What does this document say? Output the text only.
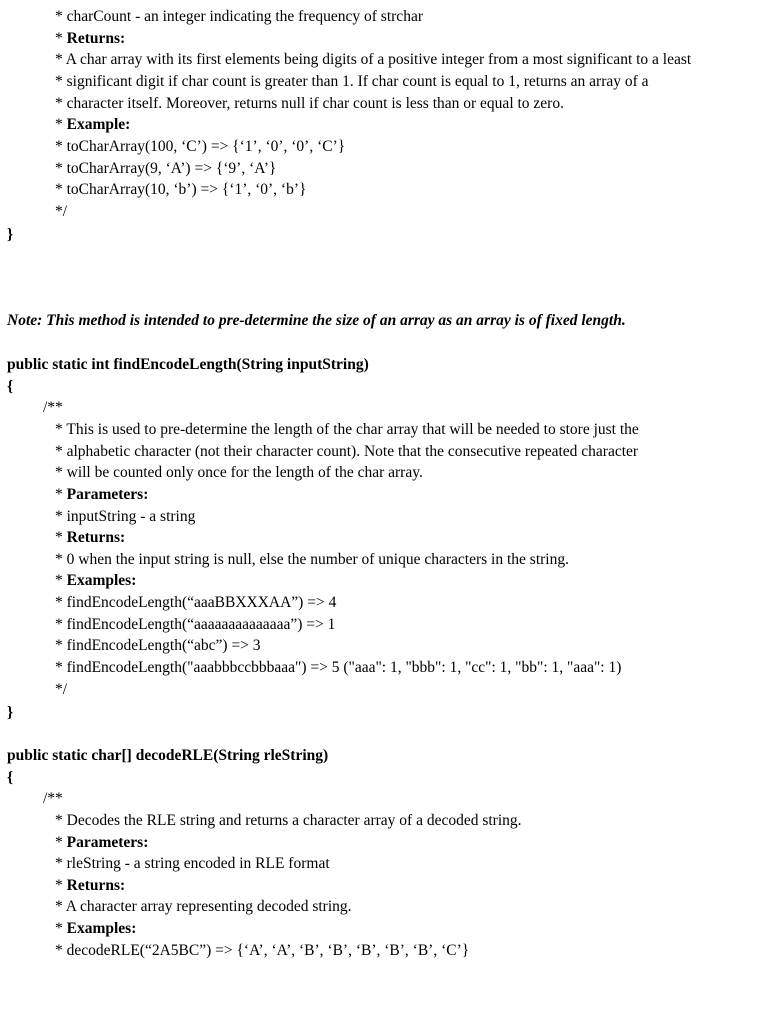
* charCount - an integer indicating the frequency of strchar
* Returns:
* A char array with its first elements being digits of a positive integer from a most significant to a least
* significant digit if char count is greater than 1. If char count is equal to 1, returns an array of a
* character itself. Moreover, returns null if char count is less than or equal to zero.
* Example:
* toCharArray(100, ‘C’) => {‘1’, ‘0’, ‘0’, ‘C’}
* toCharArray(9, ‘A’) => {‘9’, ‘A’}
* toCharArray(10, ‘b’) => {‘1’, ‘0’, ‘b’}
*/
}
Note: This method is intended to pre-determine the size of an array as an array is of fixed length.
public static int findEncodeLength(String inputString)
{
/**
* This is used to pre-determine the length of the char array that will be needed to store just the
* alphabetic character (not their character count). Note that the consecutive repeated character
* will be counted only once for the length of the char array.
* Parameters:
* inputString - a string
* Returns:
* 0 when the input string is null, else the number of unique characters in the string.
* Examples:
* findEncodeLength(“aaaBBXXXAA”) => 4
* findEncodeLength(“aaaaaaaaaaaaaa”) => 1
* findEncodeLength(“abc”) => 3
* findEncodeLength("aaabbbccbbbaaa") => 5 ("aaa": 1, "bbb": 1, "cc": 1, "bb": 1, "aaa": 1)
*/
}
public static char[] decodeRLE(String rleString)
{
/**
* Decodes the RLE string and returns a character array of a decoded string.
* Parameters:
* rleString - a string encoded in RLE format
* Returns:
* A character array representing decoded string.
* Examples:
* decodeRLE(“2A5BC”) => {‘A’, ‘A’, ‘B’, ‘B’, ‘B’, ‘B’, ‘B’, ‘C’}
